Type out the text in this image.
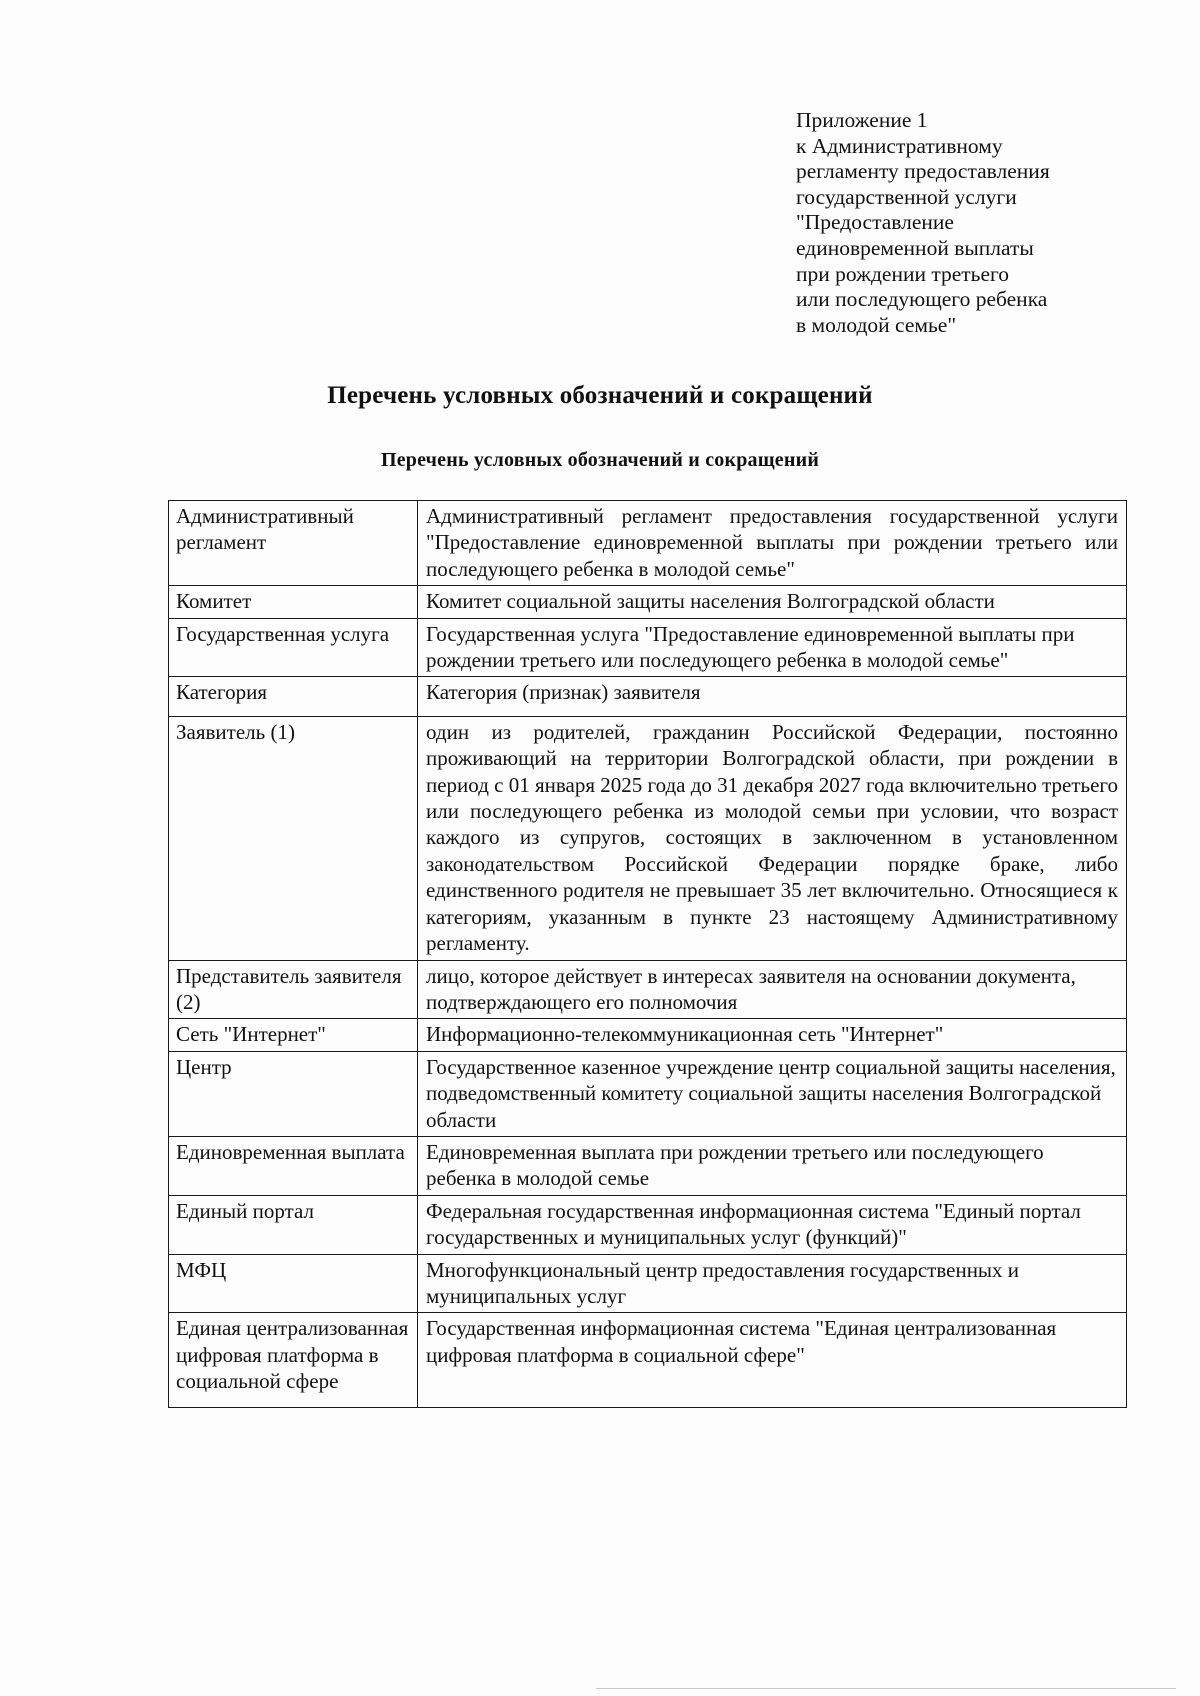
Приложение 1
к Административному
регламенту предоставления
государственной услуги
"Предоставление
единовременной выплаты
при рождении третьего
или последующего ребенка
в молодой семье"
Перечень условных обозначений и сокращений
Перечень условных обозначений и сокращений
Административный регламент	Административный регламент предоставления государственной услуги "Предоставление единовременной выплаты при рождении третьего или последующего ребенка в молодой семье"
Комитет	Комитет социальной защиты населения Волгоградской области
Государственная услуга	Государственная услуга "Предоставление единовременной выплаты при рождении третьего или последующего ребенка в молодой семье"
Категория	Категория (признак) заявителя
Заявитель (1)	один из родителей, гражданин Российской Федерации, постоянно проживающий на территории Волгоградской области, при рождении в период с 01 января 2025 года до 31 декабря 2027 года включительно третьего или последующего ребенка из молодой семьи при условии, что возраст каждого из супругов, состоящих в заключенном в установленном законодательством Российской Федерации порядке браке, либо единственного родителя не превышает 35 лет включительно. Относящиеся к категориям, указанным в пункте 23 настоящему Административному регламенту.
Представитель заявителя (2)	лицо, которое действует в интересах заявителя на основании документа, подтверждающего его полномочия
Сеть "Интернет"	Информационно-телекоммуникационная сеть "Интернет"
Центр	Государственное казенное учреждение центр социальной защиты населения, подведомственный комитету социальной защиты населения Волгоградской области
Единовременная выплата	Единовременная выплата при рождении третьего или последующего ребенка в молодой семье
Единый портал	Федеральная государственная информационная система "Единый портал государственных и муниципальных услуг (функций)"
МФЦ	Многофункциональный центр предоставления государственных и муниципальных услуг
Единая централизованная цифровая платформа в социальной сфере	Государственная информационная система "Единая централизованная цифровая платформа в социальной сфере"
